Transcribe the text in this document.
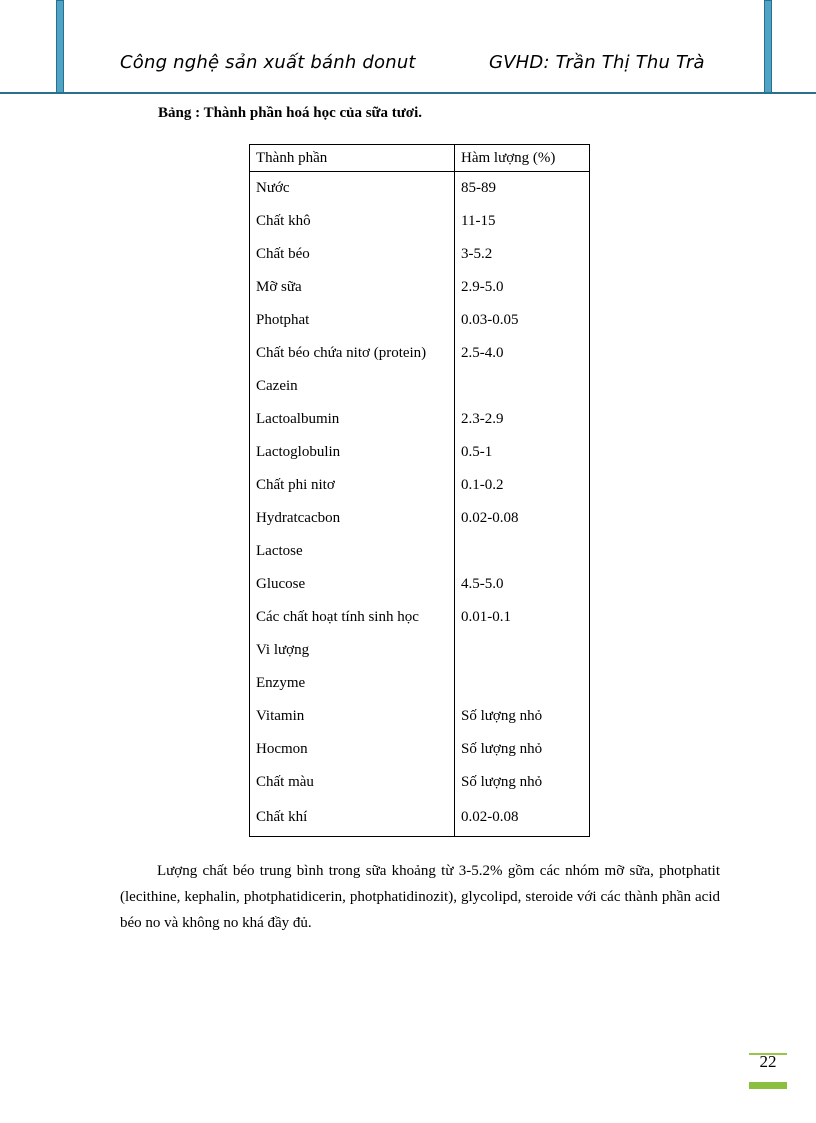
Công nghệ sản xuất bánh donut	GVHD: Trần Thị Thu Trà
Bảng : Thành phần hoá học của sữa tươi.
Thành phần	Hàm lượng (%)
Nước	85-89
Chất khô	11-15
Chất béo	3-5.2
Mỡ sữa	2.9-5.0
Photphat	0.03-0.05
Chất béo chứa nitơ (protein)	2.5-4.0
Cazein	
Lactoalbumin	2.3-2.9
Lactoglobulin	0.5-1
Chất phi nitơ	0.1-0.2
Hydratcacbon	0.02-0.08
Lactose	
Glucose	4.5-5.0
Các chất hoạt tính sinh học	0.01-0.1
Vi lượng	
Enzyme	
Vitamin	Số lượng nhỏ
Hocmon	Số lượng nhỏ
Chất màu	Số lượng nhỏ
Chất khí	0.02-0.08

Lượng chất béo trung bình trong sữa khoảng từ 3-5.2% gồm các nhóm mỡ sữa, photphatit (lecithine, kephalin, photphatidicerin, photphatidinozit), glycolipd, steroide với các thành phần acid béo no và không no khá đầy đủ.

22
